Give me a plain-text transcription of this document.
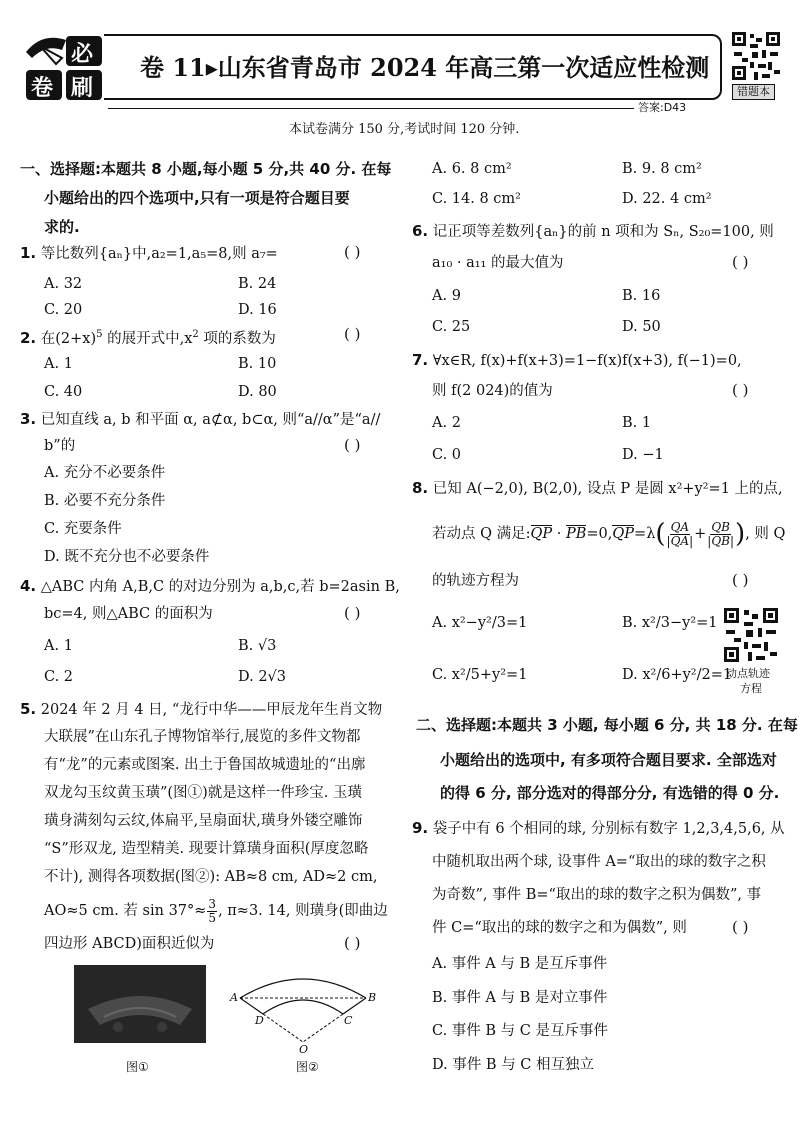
必
卷 刷
卷 11▸山东省青岛市 2024 年高三第一次适应性检测
答案:D43
错题本
本试卷满分 150 分,考试时间 120 分钟.
一、选择题:本题共 8 小题,每小题 5 分,共 40 分. 在每
小题给出的四个选项中,只有一项是符合题目要
求的.
1. 等比数列{aₙ}中,a₂=1,a₅=8,则 a₇=	( )
A. 32	B. 24
C. 20	D. 16
2. 在$(2+x)^5$ 的展开式中$,x^2$ 项的系数为	( )
A. 1	B. 10
C. 40	D. 80
3. 已知直线 a, b 和平面 α, a⊄α, b⊂α, 则“a//α”是“a//
b”的	( )
A. 充分不必要条件
B. 必要不充分条件
C. 充要条件
D. 既不充分也不必要条件
4. △ABC 内角 A,B,C 的对边分别为 a,b,c,若 b=2asin B,
bc=4, 则△ABC 的面积为	( )
A. 1	B. √3
C. 2	D. 2√3
5. 2024 年 2 月 4 日, “龙行中华——甲辰龙年生肖文物
大联展”在山东孔子博物馆举行,展览的多件文物都
有“龙”的元素或图案. 出土于鲁国故城遗址的“出廓
双龙勾玉纹黄玉璜”(图①)就是这样一件珍宝. 玉璜
璜身满刻勾云纹,体扁平,呈扇面状,璜身外镂空雕饰
“S”形双龙, 造型精美. 现要计算璜身面积(厚度忽略
不计), 测得各项数据(图②): AB≈8 cm, AD≈2 cm,
AO≈5 cm. 若 $\sin 37^\circ\approx \frac{3}{5}$ , π≈3. 14, 则璜身(即曲边
四边形 ABCD)面积近似为	( )
图①
A	B
D	C
O
图②
A. 6. 8 cm²	B. 9. 8 cm²
C. 14. 8 cm²	D. 22. 4 cm²
6. 记正项等差数列{aₙ}的前 n 项和为 Sₙ, S₂₀=100, 则
a₁₀ · a₁₁ 的最大值为	( )
A. 9	B. 16
C. 25	D. 50
7. ∀x∈R, f(x)+f(x+3)=1−f(x)f(x+3), f(−1)=0,
则 f(2 024)的值为	( )
A. 2	B. 1
C. 0	D. −1
8. 已知 A(−2,0), B(2,0), 设点 P 是圆 x²+y²=1 上的点,
若动点 Q 满足:QP · $PB=0,QP=\lambda( \frac{QA}{|QA|} + \frac{QB}{|QB|}$ ), 则 Q
的轨迹方程为	( )
A. x²−y²/3=1	B. x²/3−y²=1
C. x²/5+y²=1	D. x²/6+y²/2=1
动点轨迹
方程
二、选择题:本题共 3 小题, 每小题 6 分, 共 18 分. 在每
小题给出的选项中, 有多项符合题目要求. 全部选对
的得 6 分, 部分选对的得部分分, 有选错的得 0 分.
9. 袋子中有 6 个相同的球, 分别标有数字 1,2,3,4,5,6, 从
中随机取出两个球, 设事件 A=“取出的球的数字之积
为奇数”, 事件 B=“取出的球的数字之积为偶数”, 事
件 C=“取出的球的数字之和为偶数”, 则	( )
A. 事件 A 与 B 是互斥事件
B. 事件 A 与 B 是对立事件
C. 事件 B 与 C 是互斥事件
D. 事件 B 与 C 相互独立
